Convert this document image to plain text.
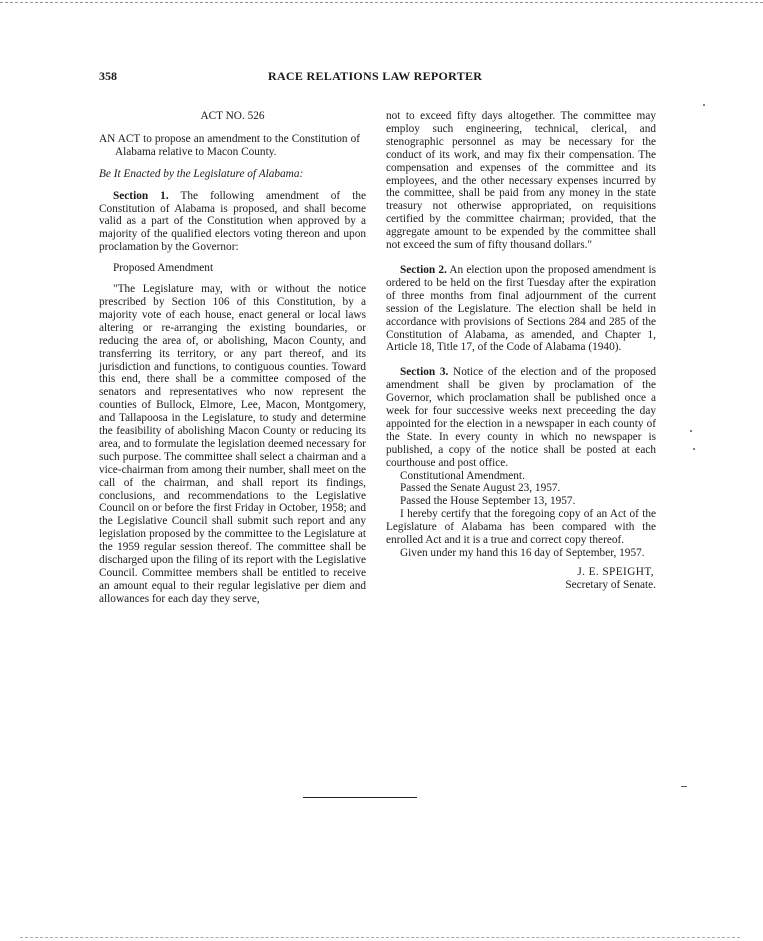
358	RACE RELATIONS LAW REPORTER

ACT NO. 526

AN ACT to propose an amendment to the Constitution of Alabama relative to Macon County.

Be It Enacted by the Legislature of Alabama:

Section 1. The following amendment of the Constitution of Alabama is proposed, and shall become valid as a part of the Constitution when approved by a majority of the qualified electors voting thereon and upon proclamation by the Governor:

Proposed Amendment

"The Legislature may, with or without the notice prescribed by Section 106 of this Constitution, by a majority vote of each house, enact general or local laws altering or re-arranging the existing boundaries, or reducing the area of, or abolishing, Macon County, and transferring its territory, or any part thereof, and its jurisdiction and functions, to contiguous counties. Toward this end, there shall be a committee composed of the senators and representatives who now represent the counties of Bullock, Elmore, Lee, Macon, Montgomery, and Tallapoosa in the Legislature, to study and determine the feasibility of abolishing Macon County or reducing its area, and to formulate the legislation deemed necessary for such purpose. The committee shall select a chairman and a vice-chairman from among their number, shall meet on the call of the chairman, and shall report its findings, conclusions, and recommendations to the Legislative Council on or before the first Friday in October, 1958; and the Legislative Council shall submit such report and any legislation proposed by the committee to the Legislature at the 1959 regular session thereof. The committee shall be discharged upon the filing of its report with the Legislative Council. Committee members shall be entitled to receive an amount equal to their regular legislative per diem and allowances for each day they serve,

not to exceed fifty days altogether. The committee may employ such engineering, technical, clerical, and stenographic personnel as may be necessary for the conduct of its work, and may fix their compensation. The compensation and expenses of the committee and its employees, and the other necessary expenses incurred by the committee, shall be paid from any money in the state treasury not otherwise appropriated, on requisitions certified by the committee chairman; provided, that the aggregate amount to be expended by the committee shall not exceed the sum of fifty thousand dollars."

Section 2. An election upon the proposed amendment is ordered to be held on the first Tuesday after the expiration of three months from final adjournment of the current session of the Legislature. The election shall be held in accordance with provisions of Sections 284 and 285 of the Constitution of Alabama, as amended, and Chapter 1, Article 18, Title 17, of the Code of Alabama (1940).

Section 3. Notice of the election and of the proposed amendment shall be given by proclamation of the Governor, which proclamation shall be published once a week for four successive weeks next preceeding the day appointed for the election in a newspaper in each county of the State. In every county in which no newspaper is published, a copy of the notice shall be posted at each courthouse and post office.

Constitutional Amendment.

Passed the Senate August 23, 1957.

Passed the House September 13, 1957.

I hereby certify that the foregoing copy of an Act of the Legislature of Alabama has been compared with the enrolled Act and it is a true and correct copy thereof.

Given under my hand this 16 day of September, 1957.

J. E. SPEIGHT,
Secretary of Senate.
